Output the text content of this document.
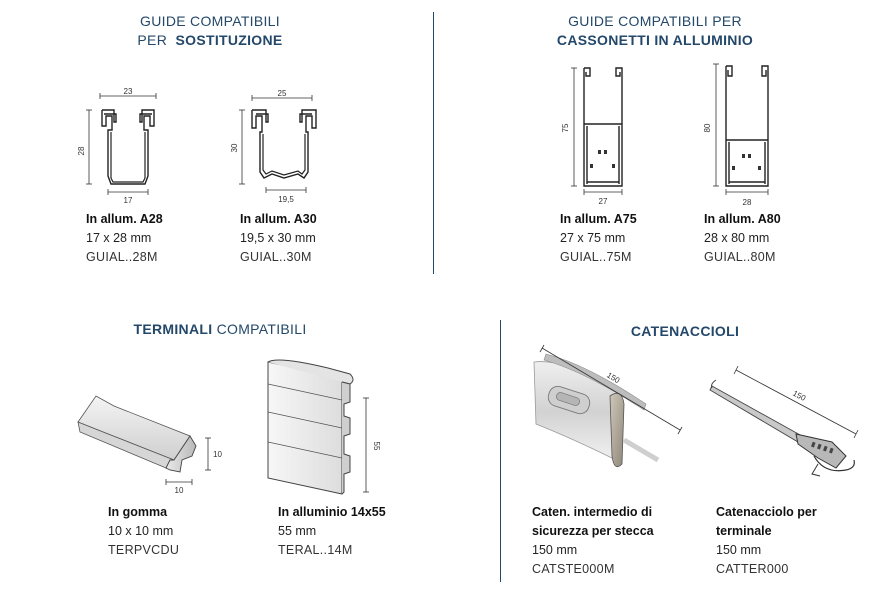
GUIDE COMPATIBILI
PER SOSTITUZIONE
GUIDE COMPATIBILI PER
CASSONETTI IN ALLUMINIO
TERMINALI COMPATIBILI	CATENACCIOLI
23
28
17
In allum. A28
17 x 28 mm
GUIAL..28M
25
30
19,5
In allum. A30
19,5 x 30 mm
GUIAL..30M
75
27
In allum. A75
27 x 75 mm
GUIAL..75M
80
28
In allum. A80
28 x 80 mm
GUIAL..80M
10
10
In gomma
10 x 10 mm
TERPVCDU
55
In alluminio 14x55
55 mm
TERAL..14M
150
Caten. intermedio di
sicurezza per stecca
150 mm
CATSTE000M
150
Catenacciolo per
terminale
150 mm
CATTER000
